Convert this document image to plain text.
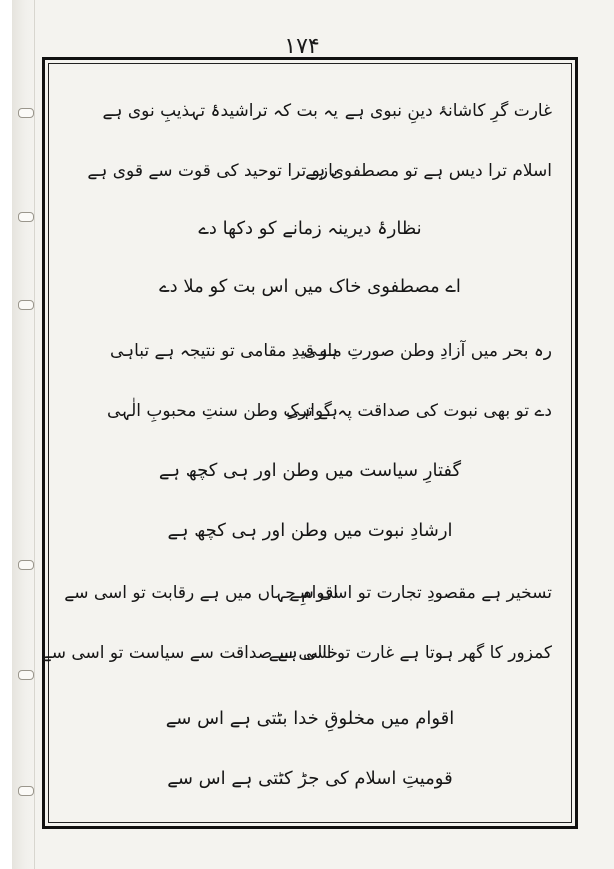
۱۷۴
یہ بت کہ تراشیدۂ تہذیبِ نوی ہے غارت گرِ کاشانۂ دینِ نبوی ہے
بازو ترا توحید کی قوت سے قوی ہے
اسلام ترا دیس ہے تو مصطفوی ہے
نظارۂ دیرینہ زمانے کو دکھا دے
اے مصطفوی خاک میں اس بت کو ملا دے
ہو قیدِ مقامی تو نتیجہ ہے تباہی
رہ بحر میں آزادِ وطن صورتِ ماہی
ہے ترکِ وطن سنتِ محبوبِ الٰہی
دے تو بھی نبوت کی صداقت پہ گواہی
گفتارِ سیاست میں وطن اور ہی کچھ ہے
ارشادِ نبوت میں وطن اور ہی کچھ ہے
اقوامِ جہاں میں ہے رقابت تو اسی سے
تسخیر ہے مقصودِ تجارت تو اسی سے
خالی ہے صداقت سے سیاست تو اسی سے
کمزور کا گھر ہوتا ہے غارت تو اسی سے
اقوام میں مخلوقِ خدا بٹتی ہے اس سے
قومیتِ اسلام کی جڑ کٹتی ہے اس سے
